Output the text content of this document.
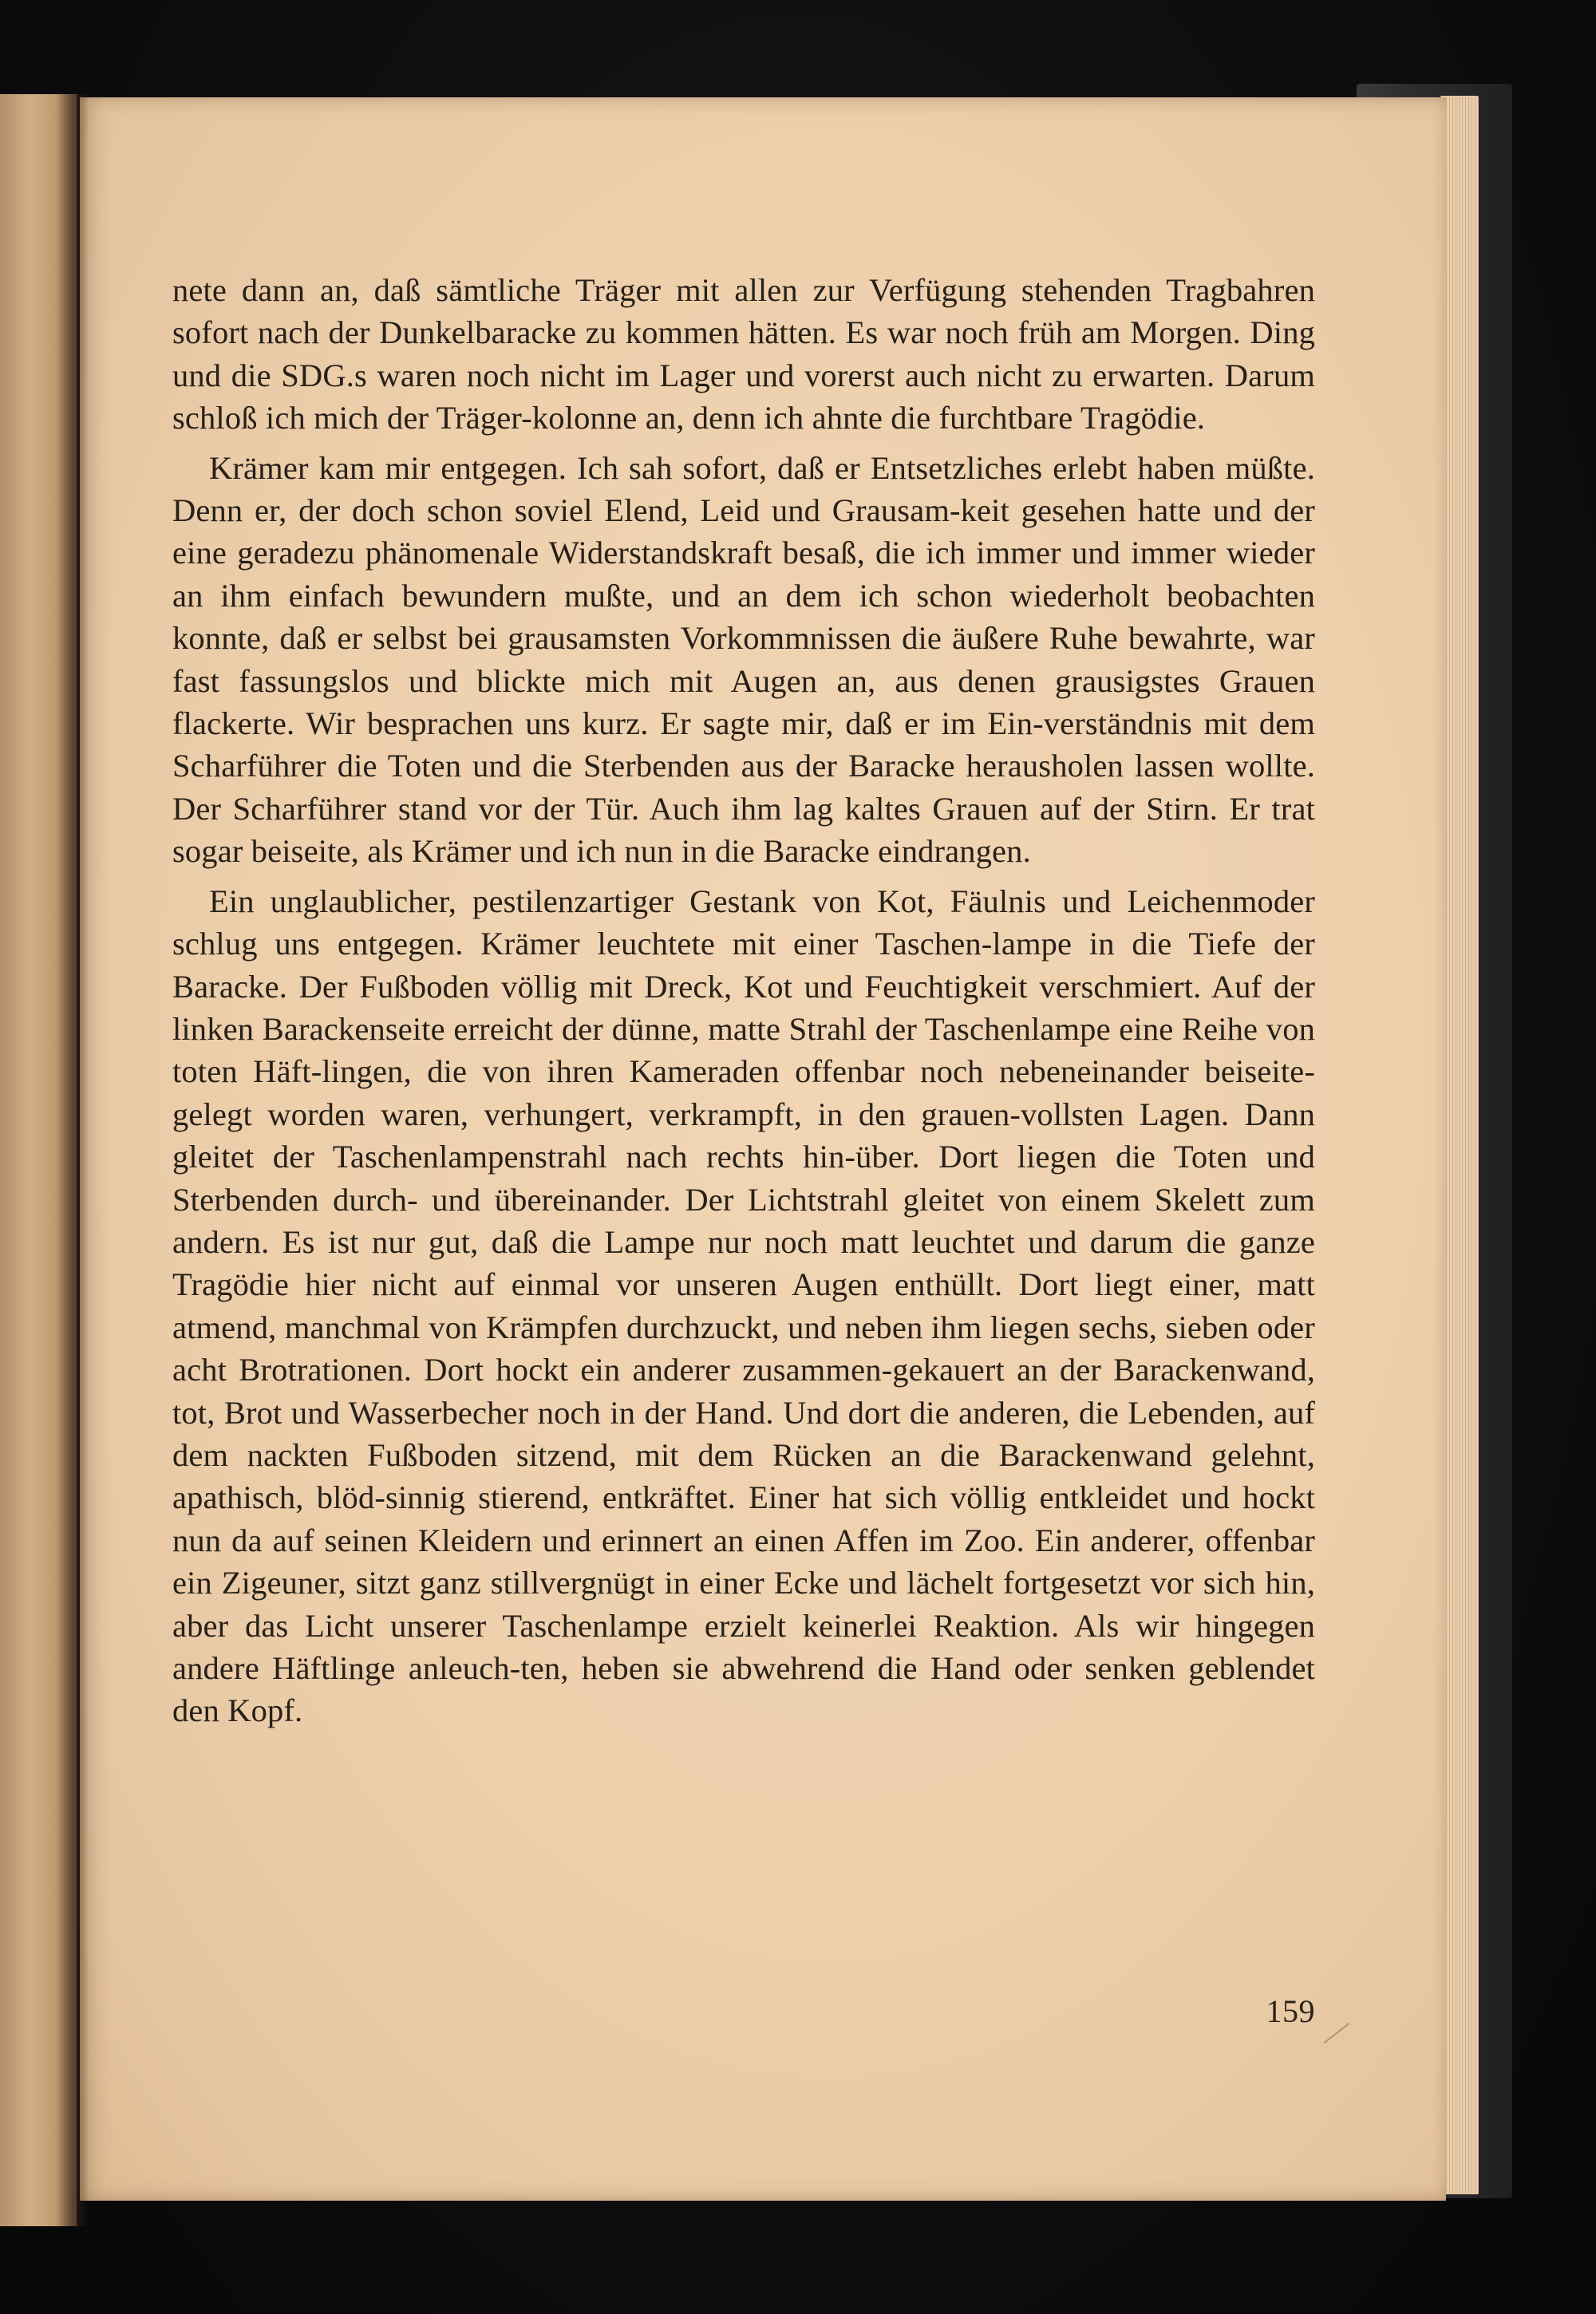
nete dann an, daß sämtliche Träger mit allen zur Verfügung stehenden Tragbahren sofort nach der Dunkelbaracke zu kommen hätten. Es war noch früh am Morgen. Ding und die SDG.s waren noch nicht im Lager und vorerst auch nicht zu erwarten. Darum schloß ich mich der Träger-kolonne an, denn ich ahnte die furchtbare Tragödie.

Krämer kam mir entgegen. Ich sah sofort, daß er Entsetzliches erlebt haben müßte. Denn er, der doch schon soviel Elend, Leid und Grausam-keit gesehen hatte und der eine geradezu phänomenale Widerstandskraft besaß, die ich immer und immer wieder an ihm einfach bewundern mußte, und an dem ich schon wiederholt beobachten konnte, daß er selbst bei grausamsten Vorkommnissen die äußere Ruhe bewahrte, war fast fassungslos und blickte mich mit Augen an, aus denen grausigstes Grauen flackerte. Wir besprachen uns kurz. Er sagte mir, daß er im Ein-verständnis mit dem Scharführer die Toten und die Sterbenden aus der Baracke herausholen lassen wollte. Der Scharführer stand vor der Tür. Auch ihm lag kaltes Grauen auf der Stirn. Er trat sogar beiseite, als Krämer und ich nun in die Baracke eindrangen.

Ein unglaublicher, pestilenzartiger Gestank von Kot, Fäulnis und Leichenmoder schlug uns entgegen. Krämer leuchtete mit einer Taschen-lampe in die Tiefe der Baracke. Der Fußboden völlig mit Dreck, Kot und Feuchtigkeit verschmiert. Auf der linken Barackenseite erreicht der dünne, matte Strahl der Taschenlampe eine Reihe von toten Häft-lingen, die von ihren Kameraden offenbar noch nebeneinander beiseite-gelegt worden waren, verhungert, verkrampft, in den grauen-vollsten Lagen. Dann gleitet der Taschenlampenstrahl nach rechts hin-über. Dort liegen die Toten und Sterbenden durch- und übereinander. Der Lichtstrahl gleitet von einem Skelett zum andern. Es ist nur gut, daß die Lampe nur noch matt leuchtet und darum die ganze Tragödie hier nicht auf einmal vor unseren Augen enthüllt. Dort liegt einer, matt atmend, manchmal von Krämpfen durchzuckt, und neben ihm liegen sechs, sieben oder acht Brotrationen. Dort hockt ein anderer zusammen-gekauert an der Barackenwand, tot, Brot und Wasserbecher noch in der Hand. Und dort die anderen, die Lebenden, auf dem nackten Fußboden sitzend, mit dem Rücken an die Barackenwand gelehnt, apathisch, blöd-sinnig stierend, entkräftet. Einer hat sich völlig entkleidet und hockt nun da auf seinen Kleidern und erinnert an einen Affen im Zoo. Ein anderer, offenbar ein Zigeuner, sitzt ganz stillvergnügt in einer Ecke und lächelt fortgesetzt vor sich hin, aber das Licht unserer Taschenlampe erzielt keinerlei Reaktion. Als wir hingegen andere Häftlinge anleuch-ten, heben sie abwehrend die Hand oder senken geblendet den Kopf.

159
